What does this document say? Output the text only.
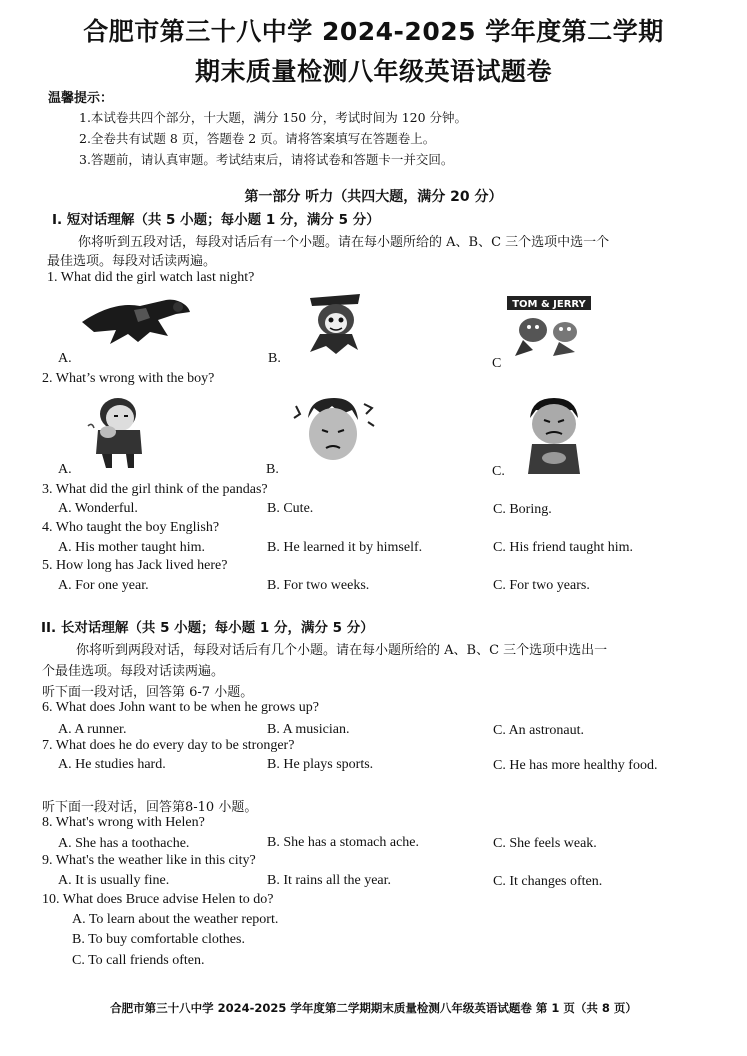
合肥市第三十八中学 2024-2025 学年度第二学期
期末质量检测八年级英语试题卷
温馨提示：
1.本试卷共四个部分，十大题，满分 150 分，考试时间为 120 分钟。
2.全卷共有试题 8 页，答题卷 2 页。请将答案填写在答题卷上。
3.答题前，请认真审题。考试结束后，请将试卷和答题卡一并交回。
第一部分 听力（共四大题，满分 20 分）
I. 短对话理解（共 5 小题；每小题 1 分，满分 5 分）
你将听到五段对话，每段对话后有一个小题。请在每小题所给的 A、B、C 三个选项中选一个
最佳选项。每段对话读两遍。
1. What did the girl watch last night?
TOM & JERRY
A.	B.	C
2. What’s wrong with the boy?
A.	B.	C.
3. What did the girl think of the pandas?
A. Wonderful.	B. Cute.	C. Boring.
4. Who taught the boy English?
A. His mother taught him.	B. He learned it by himself.	C. His friend taught him.
5. How long has Jack lived here?
A. For one year.	B. For two weeks.	C. For two years.
II. 长对话理解（共 5 小题；每小题 1 分，满分 5 分）
你将听到两段对话，每段对话后有几个小题。请在每小题所给的 A、B、C 三个选项中选出一
个最佳选项。每段对话读两遍。
听下面一段对话，回答第 6-7 小题。
6. What does John want to be when he grows up?
A. A runner.	B. A musician.	C. An astronaut.
7. What does he do every day to be stronger?
A. He studies hard.	B. He plays sports.	C. He has more healthy food.
听下面一段对话，回答第8-10 小题。
8. What's wrong with Helen?
A. She has a toothache.	B. She has a stomach ache.	C. She feels weak.
9. What's the weather like in this city?
A. It is usually fine.	B. It rains all the year.	C. It changes often.
10. What does Bruce advise Helen to do?
A. To learn about the weather report.
B. To buy comfortable clothes.
C. To call friends often.
合肥市第三十八中学 2024-2025 学年度第二学期期末质量检测八年级英语试题卷 第 1 页（共 8 页）
